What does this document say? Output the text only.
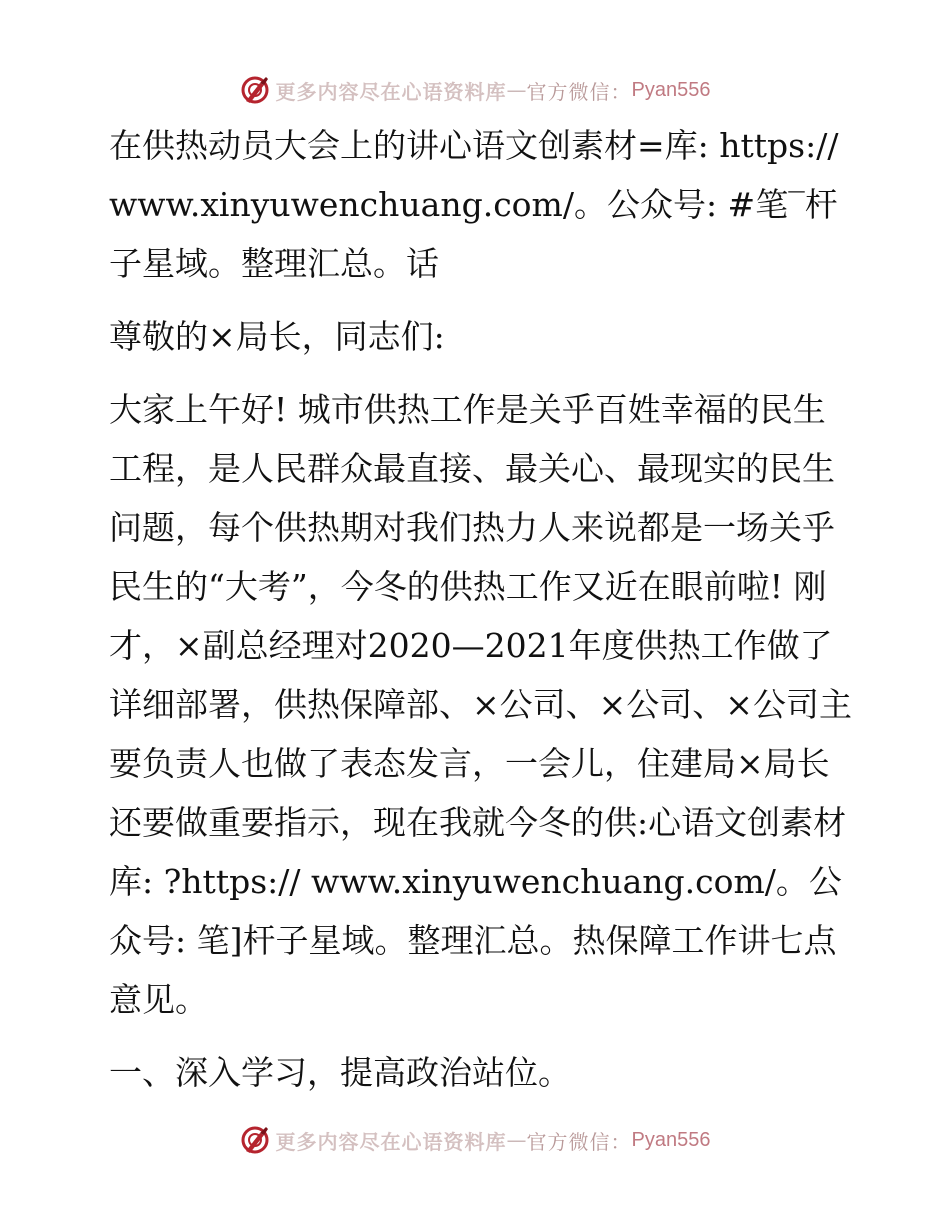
更多内容尽在心语资料库 — 官方微信： Pyan556

在供热动员大会上的讲心语文创素材=库: https://www.xinyuwenchuang.com/。公众号: #笔‾杆子星域。整理汇总。话

尊敬的×局长，同志们:

大家上午好! 城市供热工作是关乎百姓幸福的民生工程，是人民群众最直接、最关心、最现实的民生问题，每个供热期对我们热力人来说都是一场关乎民生的“大考”，今冬的供热工作又近在眼前啦! 刚才，×副总经理对2020—2021年度供热工作做了详细部署，供热保障部、×公司、×公司、×公司主要负责人也做了表态发言，一会儿，住建局×局长还要做重要指示，现在我就今冬的供:心语文创素材库: ?https:// www.xinyuwenchuang.com/。公众号: 笔]杆子星域。整理汇总。热保障工作讲七点意见。

一、深入学习，提高政治站位。

更多内容尽在心语资料库 — 官方微信： Pyan556
